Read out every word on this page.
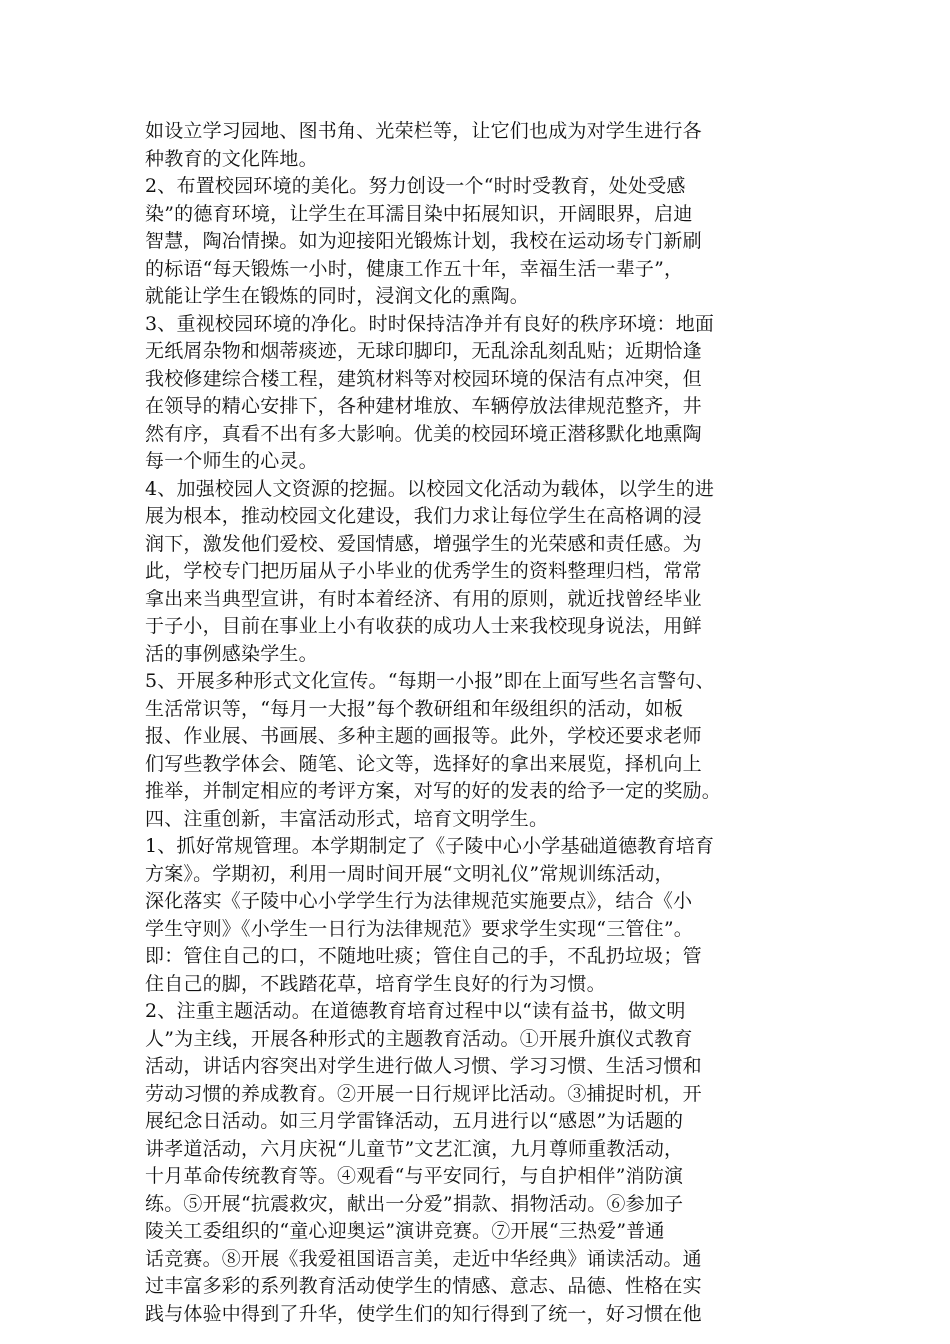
如设立学习园地、图书角、光荣栏等，让它们也成为对学生进行各
种教育的文化阵地。
2、布置校园环境的美化。努力创设一个“时时受教育，处处受感
染”的德育环境，让学生在耳濡目染中拓展知识，开阔眼界，启迪
智慧，陶冶情操。如为迎接阳光锻炼计划，我校在运动场专门新刷
的标语“每天锻炼一小时，健康工作五十年，幸福生活一辈子”，
就能让学生在锻炼的同时，浸润文化的熏陶。
3、重视校园环境的净化。时时保持洁净并有良好的秩序环境：地面
无纸屑杂物和烟蒂痰迹，无球印脚印，无乱涂乱刻乱贴；近期恰逢
我校修建综合楼工程，建筑材料等对校园环境的保洁有点冲突，但
在领导的精心安排下，各种建材堆放、车辆停放法律规范整齐，井
然有序，真看不出有多大影响。优美的校园环境正潜移默化地熏陶
每一个师生的心灵。
4、加强校园人文资源的挖掘。以校园文化活动为载体，以学生的进
展为根本，推动校园文化建设，我们力求让每位学生在高格调的浸
润下，激发他们爱校、爱国情感，增强学生的光荣感和责任感。为
此，学校专门把历届从子小毕业的优秀学生的资料整理归档，常常
拿出来当典型宣讲，有时本着经济、有用的原则，就近找曾经毕业
于子小，目前在事业上小有收获的成功人士来我校现身说法，用鲜
活的事例感染学生。
5、开展多种形式文化宣传。“每期一小报”即在上面写些名言警句、
生活常识等，“每月一大报”每个教研组和年级组织的活动，如板
报、作业展、书画展、多种主题的画报等。此外，学校还要求老师
们写些教学体会、随笔、论文等，选择好的拿出来展览，择机向上
推举，并制定相应的考评方案，对写的好的发表的给予一定的奖励。
四、注重创新，丰富活动形式，培育文明学生。
1、抓好常规管理。本学期制定了《子陵中心小学基础道德教育培育
方案》。学期初，利用一周时间开展“文明礼仪”常规训练活动，
深化落实《子陵中心小学学生行为法律规范实施要点》，结合《小
学生守则》《小学生一日行为法律规范》要求学生实现“三管住”。
即：管住自己的口，不随地吐痰；管住自己的手，不乱扔垃圾；管
住自己的脚，不践踏花草，培育学生良好的行为习惯。
2、注重主题活动。在道德教育培育过程中以“读有益书，做文明
人”为主线，开展各种形式的主题教育活动。①开展升旗仪式教育
活动，讲话内容突出对学生进行做人习惯、学习习惯、生活习惯和
劳动习惯的养成教育。②开展一日行规评比活动。③捕捉时机，开
展纪念日活动。如三月学雷锋活动，五月进行以“感恩”为话题的
讲孝道活动，六月庆祝“儿童节”文艺汇演，九月尊师重教活动，
十月革命传统教育等。④观看“与平安同行，与自护相伴”消防演
练。⑤开展“抗震救灾，献出一分爱”捐款、捐物活动。⑥参加子
陵关工委组织的“童心迎奥运”演讲竞赛。⑦开展“三热爱”普通
话竞赛。⑧开展《我爱祖国语言美，走近中华经典》诵读活动。通
过丰富多彩的系列教育活动使学生的情感、意志、品德、性格在实
践与体验中得到了升华，使学生们的知行得到了统一，好习惯在他
